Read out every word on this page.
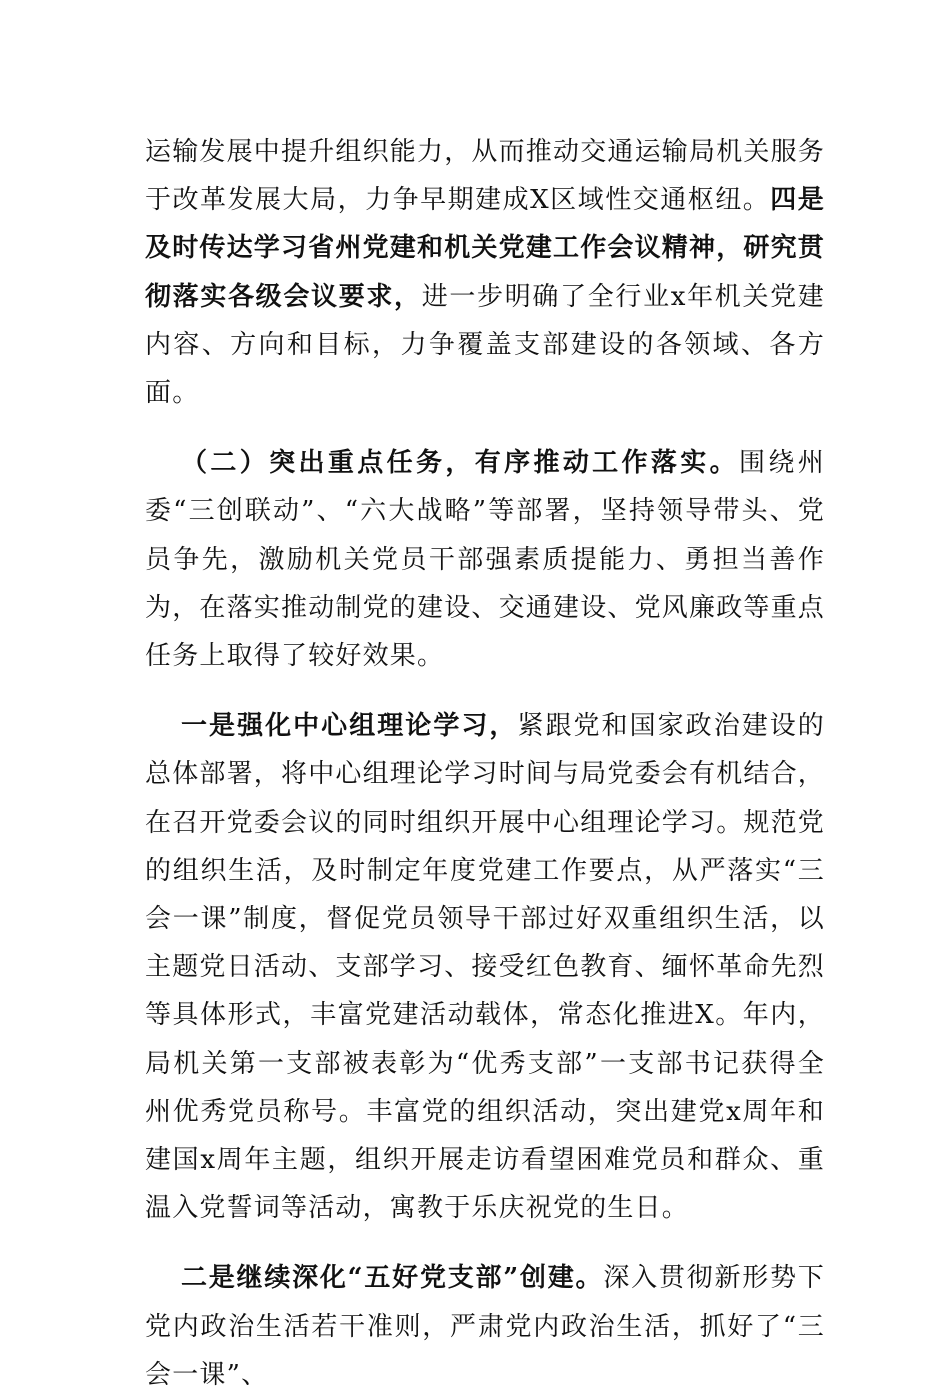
运输发展中提升组织能力，从而推动交通运输局机关服务于改革发展大局，力争早期建成X区域性交通枢纽。四是及时传达学习省州党建和机关党建工作会议精神，研究贯彻落实各级会议要求，进一步明确了全行业x年机关党建内容、方向和目标，力争覆盖支部建设的各领域、各方面。

（二）突出重点任务，有序推动工作落实。围绕州委“三创联动”、“六大战略”等部署，坚持领导带头、党员争先，激励机关党员干部强素质提能力、勇担当善作为，在落实推动制党的建设、交通建设、党风廉政等重点任务上取得了较好效果。

一是强化中心组理论学习，紧跟党和国家政治建设的总体部署，将中心组理论学习时间与局党委会有机结合，在召开党委会议的同时组织开展中心组理论学习。规范党的组织生活，及时制定年度党建工作要点，从严落实“三会一课”制度，督促党员领导干部过好双重组织生活，以主题党日活动、支部学习、接受红色教育、缅怀革命先烈等具体形式，丰富党建活动载体，常态化推进X。年内，局机关第一支部被表彰为“优秀支部”一支部书记获得全州优秀党员称号。丰富党的组织活动，突出建党x周年和建国x周年主题，组织开展走访看望困难党员和群众、重温入党誓词等活动，寓教于乐庆祝党的生日。

二是继续深化“五好党支部”创建。深入贯彻新形势下党内政治生活若干准则，严肃党内政治生活，抓好了“三会一课”、
